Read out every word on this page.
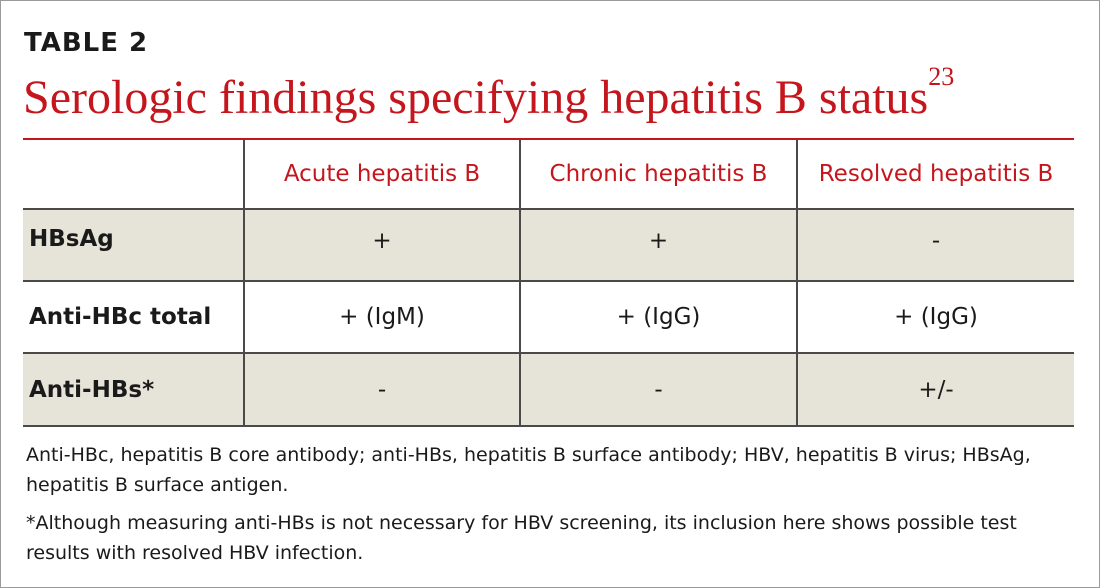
TABLE 2
Serologic findings specifying hepatitis B status$^{23}$
	Acute hepatitis B	Chronic hepatitis B	Resolved hepatitis B
HBsAg	+	+	-
Anti-HBc total	+ (IgM)	+ (IgG)	+ (IgG)
Anti-HBs*	-	-	+/-

Anti-HBc, hepatitis B core antibody; anti-HBs, hepatitis B surface antibody; HBV, hepatitis B virus; HBsAg, hepatitis B surface antigen.

*Although measuring anti-HBs is not necessary for HBV screening, its inclusion here shows possible test results with resolved HBV infection.
